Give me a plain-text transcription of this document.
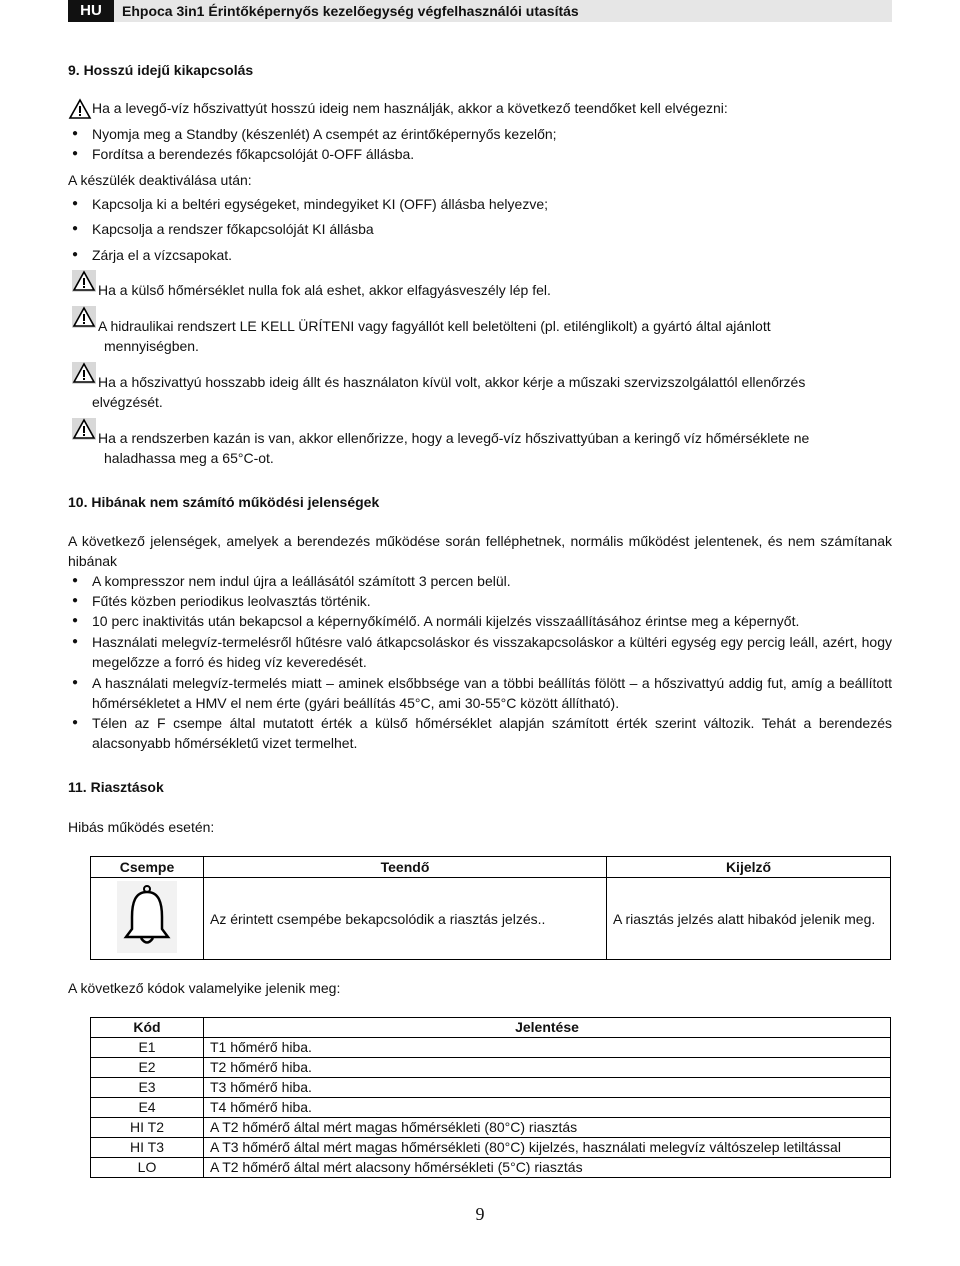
HU	Ehpoca 3in1 Érintőképernyős kezelőegység végfelhasználói utasítás
9. Hosszú idejű kikapcsolás
Ha a levegő-víz hőszivattyút hosszú ideig nem használják, akkor a következő teendőket kell elvégezni:
● Nyomja meg a Standby (készenlét) A csempét az érintőképernyős kezelőn;
● Fordítsa a berendezés főkapcsolóját 0-OFF állásba.
A készülék deaktiválása után:
● Kapcsolja ki a beltéri egységeket, mindegyiket KI (OFF) állásba helyezve;
● Kapcsolja a rendszer főkapcsolóját KI állásba
● Zárja el a vízcsapokat.
Ha a külső hőmérséklet nulla fok alá eshet, akkor elfagyásveszély lép fel.
A hidraulikai rendszert LE KELL ÜRÍTENI vagy fagyállót kell beletölteni (pl. etilénglikolt) a gyártó által ajánlott
mennyiségben.
Ha a hőszivattyú hosszabb ideig állt és használaton kívül volt, akkor kérje a műszaki szervizszolgálattól ellenőrzés
elvégzését.
Ha a rendszerben kazán is van, akkor ellenőrizze, hogy a levegő-víz hőszivattyúban a keringő víz hőmérséklete ne
haladhassa meg a 65°C-ot.
10. Hibának nem számító működési jelenségek
A következő jelenségek, amelyek a berendezés működése során felléphetnek, normális működést jelentenek, és nem számítanak hibának
● A kompresszor nem indul újra a leállásától számított 3 percen belül.
● Fűtés közben periodikus leolvasztás történik.
● 10 perc inaktivitás után bekapcsol a képernyőkímélő. A normáli kijelzés visszaállításához érintse meg a képernyőt.
● Használati melegvíz-termelésről hűtésre való átkapcsoláskor és visszakapcsoláskor a kültéri egység egy percig leáll, azért, hogy megelőzze a forró és hideg víz keveredését.
● A használati melegvíz-termelés miatt – aminek elsőbbsége van a többi beállítás fölött – a hőszivattyú addig fut, amíg a beállított hőmérsékletet a HMV el nem érte (gyári beállítás 45°C, ami 30-55°C között állítható).
● Télen az F csempe által mutatott érték a külső hőmérséklet alapján számított érték szerint változik. Tehát a berendezés alacsonyabb hőmérsékletű vizet termelhet.
11. Riasztások
Hibás működés esetén:
Csempe	Teendő	Kijelző
	Az érintett csempébe bekapcsolódik a riasztás jelzés..	A riasztás jelzés alatt hibakód jelenik meg.
A következő kódok valamelyike jelenik meg:
Kód	Jelentése
E1	T1 hőmérő hiba.
E2	T2 hőmérő hiba.
E3	T3 hőmérő hiba.
E4	T4 hőmérő hiba.
HI T2	A T2 hőmérő által mért magas hőmérsékleti (80°C) riasztás
HI T3	A T3 hőmérő által mért magas hőmérsékleti (80°C) kijelzés, használati melegvíz váltószelep letiltással
LO	A T2 hőmérő által mért alacsony hőmérsékleti (5°C) riasztás
9
